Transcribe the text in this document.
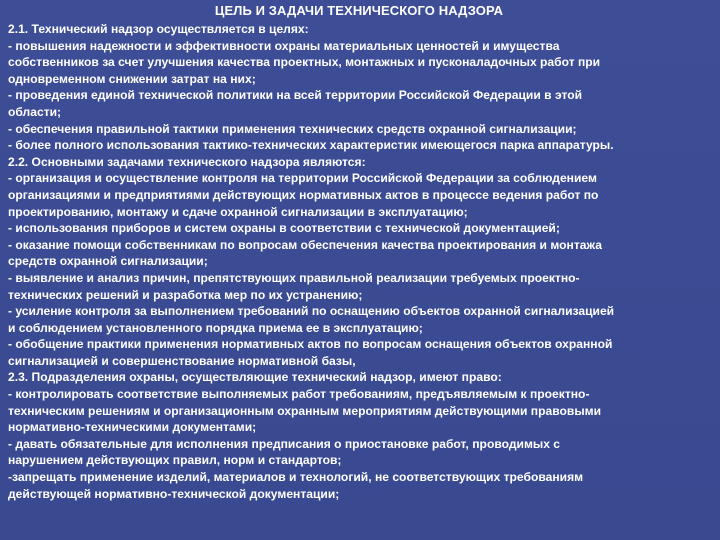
ЦЕЛЬ И ЗАДАЧИ ТЕХНИЧЕСКОГО НАДЗОРА
2.1. Технический надзор осуществляется в целях:
- повышения надежности и эффективности охраны материальных ценностей и имущества
собственников за счет улучшения качества проектных, монтажных и пусконаладочных работ при
одновременном снижении затрат на них;
- проведения единой технической политики на всей территории Российской Федерации в этой
области;
- обеспечения правильной тактики применения технических средств охранной сигнализации;
- более полного использования тактико-технических характеристик имеющегося парка аппаратуры.
2.2. Основными задачами технического надзора являются:
- организация и осуществление контроля на территории Российской Федерации за соблюдением
организациями и предприятиями действующих нормативных актов в процессе ведения работ по
проектированию, монтажу и сдаче охранной сигнализации в эксплуатацию;
- использования приборов и систем охраны в соответствии с технической документацией;
- оказание помощи собственникам по вопросам обеспечения качества проектирования и монтажа
средств охранной сигнализации;
- выявление и анализ причин, препятствующих правильной реализации требуемых проектно-
технических решений и разработка мер по их устранению;
- усиление контроля за выполнением требований по оснащению объектов охранной сигнализацией
и соблюдением установленного порядка приема ее в эксплуатацию;
- обобщение практики применения нормативных актов по вопросам оснащения объектов охранной
сигнализацией и совершенствование нормативной базы,
2.3. Подразделения охраны, осуществляющие технический надзор, имеют право:
- контролировать соответствие выполняемых работ требованиям, предъявляемым к проектно-
техническим решениям и организационным охранным мероприятиям действующими правовыми
нормативно-техническими документами;
- давать обязательные для исполнения предписания о приостановке работ, проводимых с
нарушением действующих правил, норм и стандартов;
-запрещать применение изделий, материалов и технологий, не соответствующих требованиям
действующей нормативно-технической документации;
